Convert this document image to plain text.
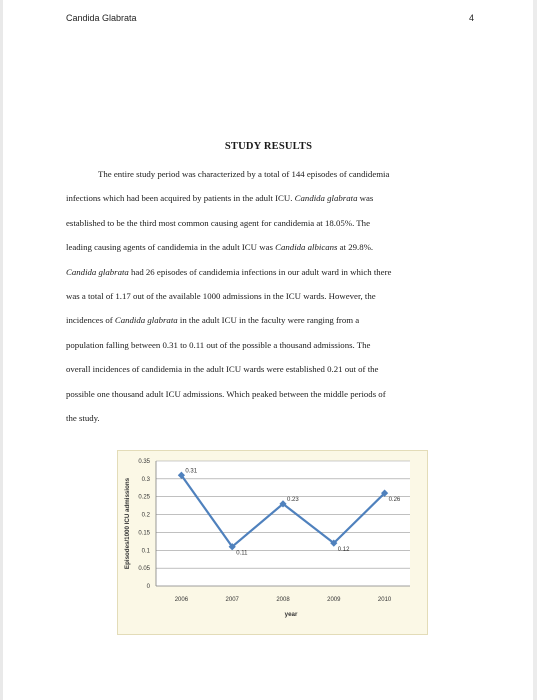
Candida Glabrata	4
STUDY RESULTS
The entire study period was characterized by a total of 144 episodes of candidemia
infections which had been acquired by patients in the adult ICU. Candida glabrata was
established to be the third most common causing agent for candidemia at 18.05%. The
leading causing agents of candidemia in the adult ICU was Candida albicans at 29.8%.
Candida glabrata had 26 episodes of candidemia infections in our adult ward in which there
was a total of 1.17 out of the available 1000 admissions in the ICU wards. However, the
incidences of Candida glabrata in the adult ICU in the faculty were ranging from a
population falling between 0.31 to 0.11 out of the possible a thousand admissions. The
overall incidences of candidemia in the adult ICU wards were established 0.21 out of the
possible one thousand adult ICU admissions. Which peaked between the middle periods of
the study.
0
0.05
0.1
0.15
0.2
0.25
0.3
0.35
2006	2007	2008	2009	2010
0.31
0.11
0.23
0.12
0.26
year
Episodes/1000 ICU admissions
